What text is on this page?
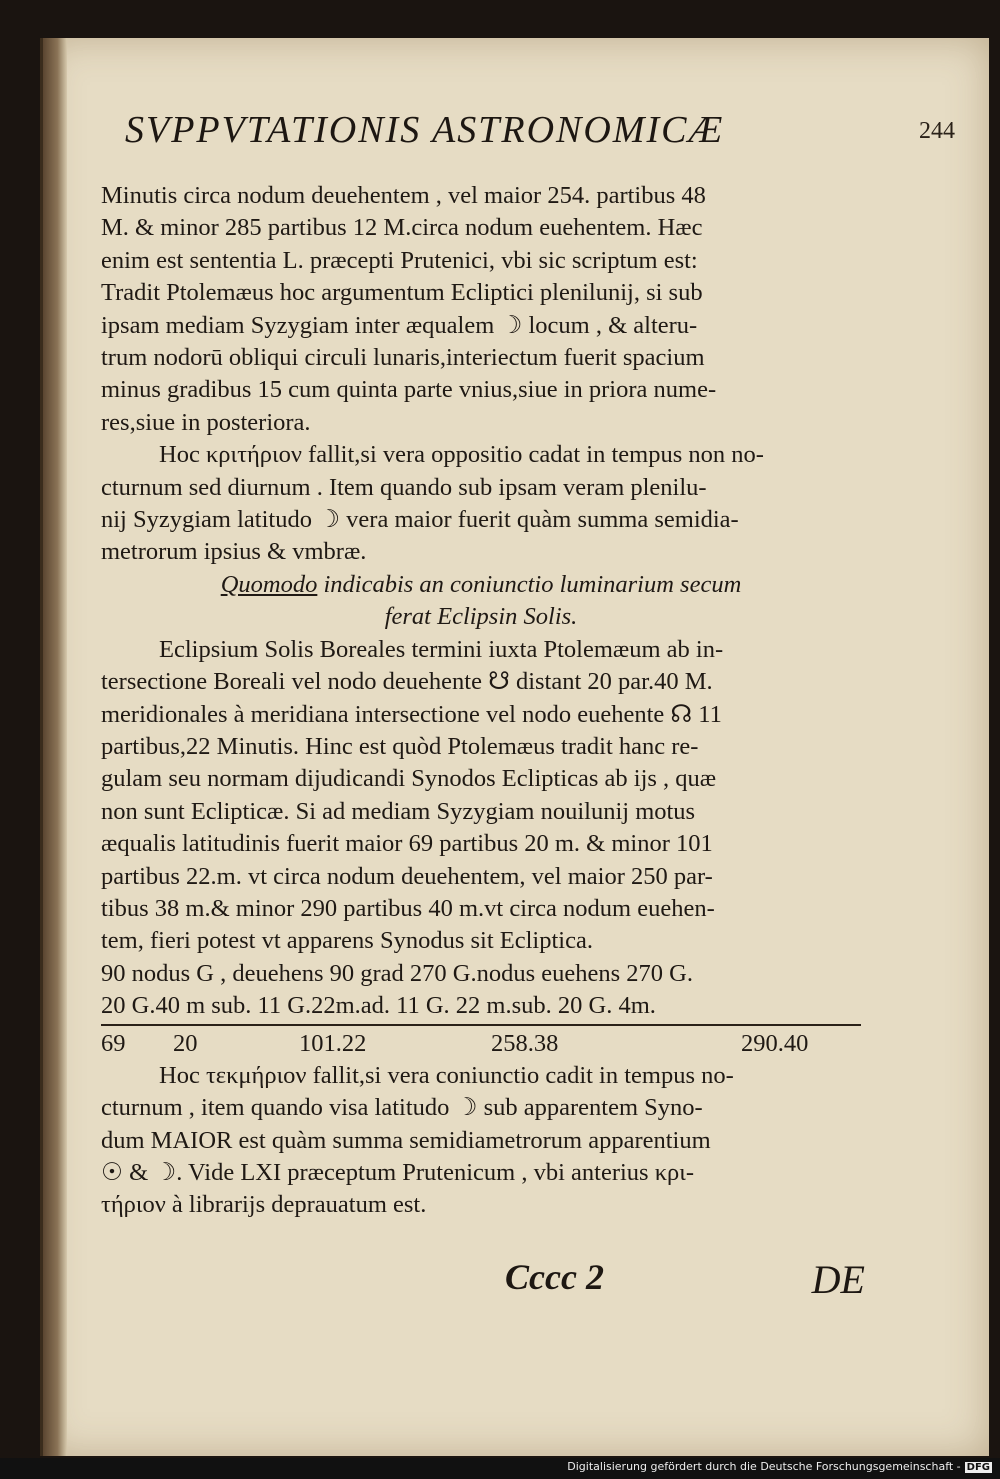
SVPPVTATIONIS ASTRONOMICÆ	244
Minutis circa nodum deuehentem , vel maior 254. partibus 48
M. & minor 285 partibus 12 M.circa nodum euehentem. Hæc
enim est sententia L. præcepti Prutenici, vbi sic scriptum est:
Tradit Ptolemæus hoc argumentum Ecliptici plenilunij, si sub
ipsam mediam Syzygiam inter æqualem ☽ locum , & alteru-
trum nodorū obliqui circuli lunaris,interiectum fuerit spacium
minus gradibus 15 cum quinta parte vnius,siue in priora nume-
res,siue in posteriora.
Hoc κριτήριον fallit,si vera oppositio cadat in tempus non no-
cturnum sed diurnum . Item quando sub ipsam veram plenilu-
nij Syzygiam latitudo ☽ vera maior fuerit quàm summa semidia-
metrorum ipsius & vmbræ.
Quomodo indicabis an coniunctio luminarium secum
ferat Eclipsin Solis.
Eclipsium Solis Boreales termini iuxta Ptolemæum ab in-
tersectione Boreali vel nodo deuehente ☋ distant 20 par.40 M.
meridionales à meridiana intersectione vel nodo euehente ☊ 11
partibus,22 Minutis. Hinc est quòd Ptolemæus tradit hanc re-
gulam seu normam dijudicandi Synodos Eclipticas ab ijs , quæ
non sunt Eclipticæ. Si ad mediam Syzygiam nouilunij motus
æqualis latitudinis fuerit maior 69 partibus 20 m. & minor 101
partibus 22.m. vt circa nodum deuehentem, vel maior 250 par-
tibus 38 m.& minor 290 partibus 40 m.vt circa nodum euehen-
tem, fieri potest vt apparens Synodus sit Ecliptica.
90 nodus G , deuehens 90 grad 270 G.nodus euehens 270 G.
20 G.40 m sub. 11 G.22m.ad. 11 G. 22 m.sub. 20 G. 4m.
69 20	101.22	258.38	290.40
Hoc τεκμήριον fallit,si vera coniunctio cadit in tempus no-
cturnum , item quando visa latitudo ☽ sub apparentem Syno-
dum MAIOR est quàm summa semidiametrorum apparentium
☉ & ☽. Vide LXI præceptum Prutenicum , vbi anterius κρι-
τήριον à librarijs deprauatum est.
Cccc 2	DE
Digitalisierung gefördert durch die Deutsche Forschungsgemeinschaft - DFG
